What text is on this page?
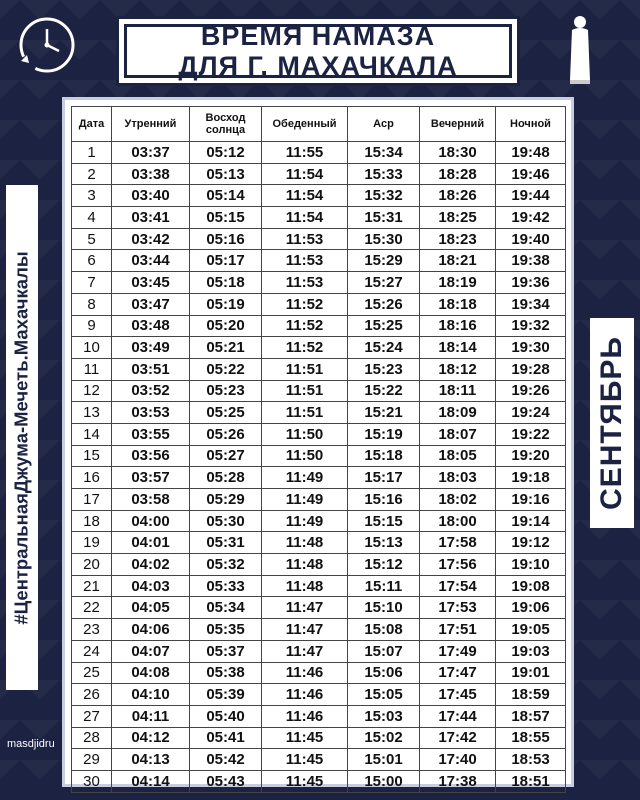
ВРЕМЯ НАМАЗА
ДЛЯ Г. МАХАЧКАЛА
#ЦентральнаяДжума-Мечеть.Махачкалы	СЕНТЯБРЬ
masdjidru
Дата	Утренний	Восход солнца	Обеденный	Аср	Вечерний	Ночной
1	03:37	05:12	11:55	15:34	18:30	19:48
2	03:38	05:13	11:54	15:33	18:28	19:46
3	03:40	05:14	11:54	15:32	18:26	19:44
4	03:41	05:15	11:54	15:31	18:25	19:42
5	03:42	05:16	11:53	15:30	18:23	19:40
6	03:44	05:17	11:53	15:29	18:21	19:38
7	03:45	05:18	11:53	15:27	18:19	19:36
8	03:47	05:19	11:52	15:26	18:18	19:34
9	03:48	05:20	11:52	15:25	18:16	19:32
10	03:49	05:21	11:52	15:24	18:14	19:30
11	03:51	05:22	11:51	15:23	18:12	19:28
12	03:52	05:23	11:51	15:22	18:11	19:26
13	03:53	05:25	11:51	15:21	18:09	19:24
14	03:55	05:26	11:50	15:19	18:07	19:22
15	03:56	05:27	11:50	15:18	18:05	19:20
16	03:57	05:28	11:49	15:17	18:03	19:18
17	03:58	05:29	11:49	15:16	18:02	19:16
18	04:00	05:30	11:49	15:15	18:00	19:14
19	04:01	05:31	11:48	15:13	17:58	19:12
20	04:02	05:32	11:48	15:12	17:56	19:10
21	04:03	05:33	11:48	15:11	17:54	19:08
22	04:05	05:34	11:47	15:10	17:53	19:06
23	04:06	05:35	11:47	15:08	17:51	19:05
24	04:07	05:37	11:47	15:07	17:49	19:03
25	04:08	05:38	11:46	15:06	17:47	19:01
26	04:10	05:39	11:46	15:05	17:45	18:59
27	04:11	05:40	11:46	15:03	17:44	18:57
28	04:12	05:41	11:45	15:02	17:42	18:55
29	04:13	05:42	11:45	15:01	17:40	18:53
30	04:14	05:43	11:45	15:00	17:38	18:51
